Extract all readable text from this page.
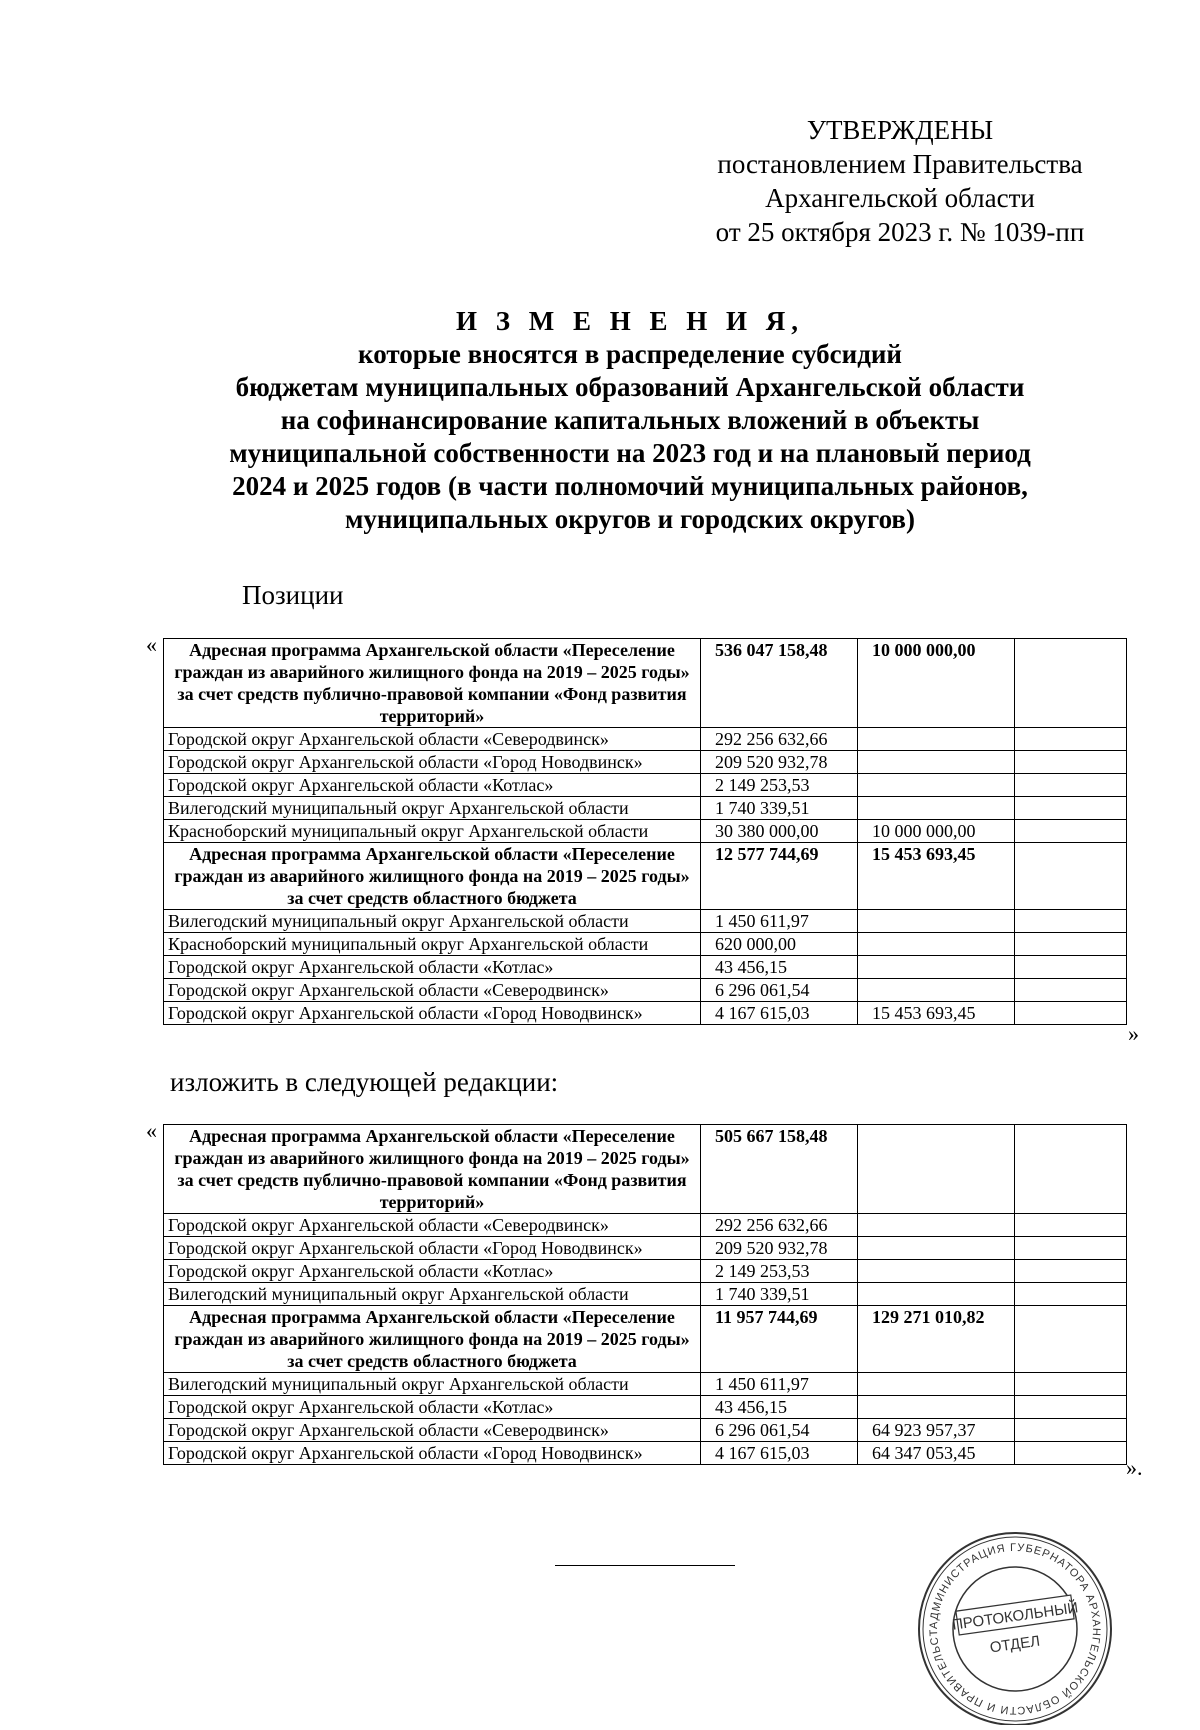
УТВЕРЖДЕНЫ
постановлением Правительства
Архангельской области
от 25 октября 2023 г. № 1039-пп
И З М Е Н Е Н И Я,
которые вносятся в распределение субсидий
бюджетам муниципальных образований Архангельской области
на софинансирование капитальных вложений в объекты
муниципальной собственности на 2023 год и на плановый период
2024 и 2025 годов (в части полномочий муниципальных районов,
муниципальных округов и городских округов)
Позиции
« Адресная программа Архангельской области «Переселение граждан из аварийного жилищного фонда на 2019 – 2025 годы» за счет средств публично-правовой компании «Фонд развития территорий»	536 047 158,48	10 000 000,00	
Городской округ Архангельской области «Северодвинск»	292 256 632,66		
Городской округ Архангельской области «Город Новодвинск»	209 520 932,78		
Городской округ Архангельской области «Котлас»	2 149 253,53		
Вилегодский муниципальный округ Архангельской области	1 740 339,51		
Красноборский муниципальный округ Архангельской области	30 380 000,00	10 000 000,00	
Адресная программа Архангельской области «Переселение граждан из аварийного жилищного фонда на 2019 – 2025 годы» за счет средств областного бюджета	12 577 744,69	15 453 693,45	
Вилегодский муниципальный округ Архангельской области	1 450 611,97		
Красноборский муниципальный округ Архангельской области	620 000,00		
Городской округ Архангельской области «Котлас»	43 456,15		
Городской округ Архангельской области «Северодвинск»	6 296 061,54		
Городской округ Архангельской области «Город Новодвинск»	4 167 615,03	15 453 693,45	
»
изложить в следующей редакции:
« Адресная программа Архангельской области «Переселение граждан из аварийного жилищного фонда на 2019 – 2025 годы» за счет средств публично-правовой компании «Фонд развития территорий»	505 667 158,48		
Городской округ Архангельской области «Северодвинск»	292 256 632,66		
Городской округ Архангельской области «Город Новодвинск»	209 520 932,78		
Городской округ Архангельской области «Котлас»	2 149 253,53		
Вилегодский муниципальный округ Архангельской области	1 740 339,51		
Адресная программа Архангельской области «Переселение граждан из аварийного жилищного фонда на 2019 – 2025 годы» за счет средств областного бюджета	11 957 744,69	129 271 010,82	
Вилегодский муниципальный округ Архангельской области	1 450 611,97		
Городской округ Архангельской области «Котлас»	43 456,15		
Городской округ Архангельской области «Северодвинск»	6 296 061,54	64 923 957,37	
Городской округ Архангельской области «Город Новодвинск»	4 167 615,03	64 347 053,45	
».
АДМИНИСТРАЦИЯ ГУБЕРНАТОРА АРХАНГЕЛЬСКОЙ ОБЛАСТИ И ПРАВИТЕЛЬСТ ПРОТОКОЛЬНЫЙ
ОТДЕЛ
